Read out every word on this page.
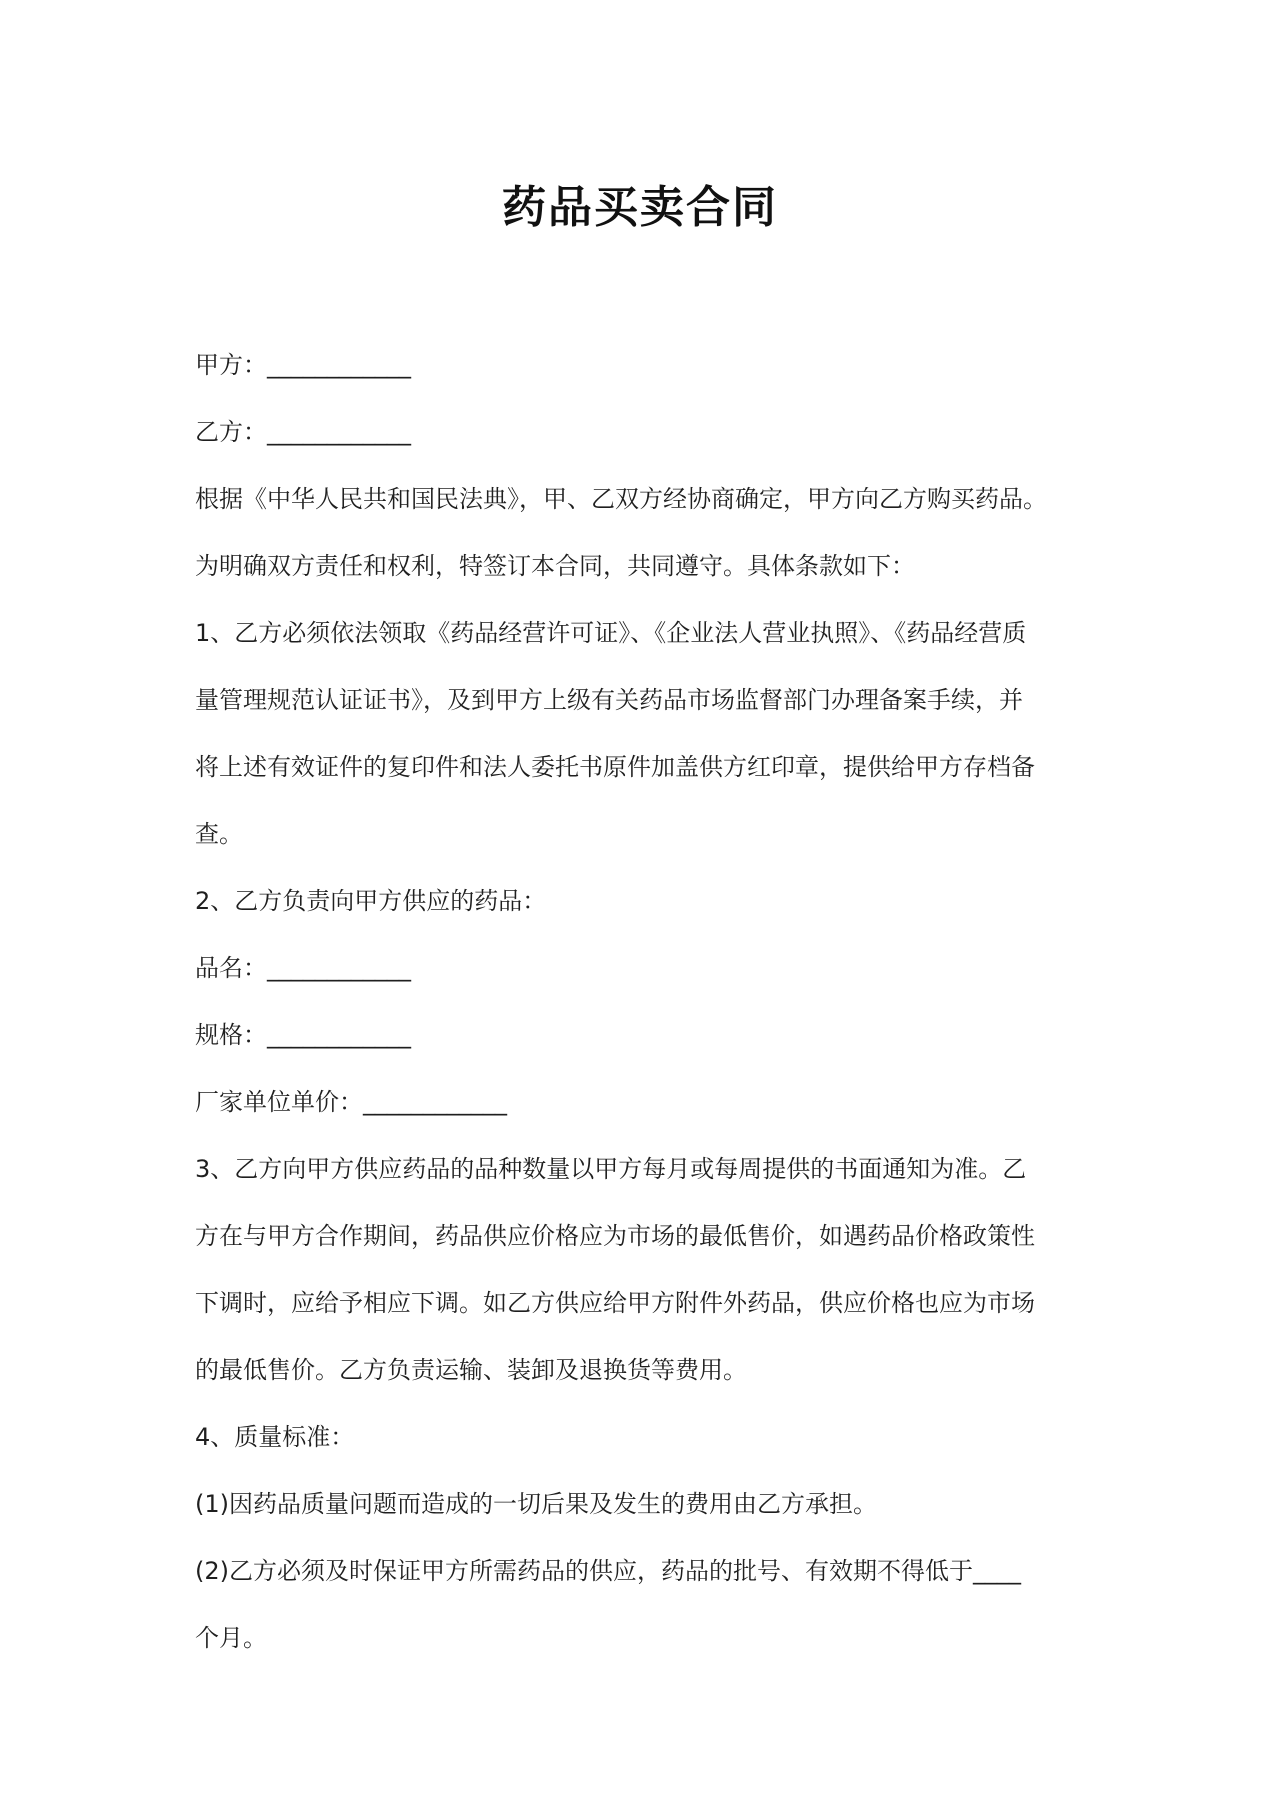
药品买卖合同
甲方：____________
乙方：____________
根据《中华人民共和国民法典》，甲、乙双方经协商确定，甲方向乙方购买药品。
为明确双方责任和权利，特签订本合同，共同遵守。具体条款如下：
1、乙方必须依法领取《药品经营许可证》、《企业法人营业执照》、《药品经营质
量管理规范认证证书》，及到甲方上级有关药品市场监督部门办理备案手续，并
将上述有效证件的复印件和法人委托书原件加盖供方红印章，提供给甲方存档备
查。
2、乙方负责向甲方供应的药品：
品名：____________
规格：____________
厂家单位单价：____________
3、乙方向甲方供应药品的品种数量以甲方每月或每周提供的书面通知为准。乙
方在与甲方合作期间，药品供应价格应为市场的最低售价，如遇药品价格政策性
下调时，应给予相应下调。如乙方供应给甲方附件外药品，供应价格也应为市场
的最低售价。乙方负责运输、装卸及退换货等费用。
4、质量标准：
(1)因药品质量问题而造成的一切后果及发生的费用由乙方承担。
(2)乙方必须及时保证甲方所需药品的供应，药品的批号、有效期不得低于____
个月。
